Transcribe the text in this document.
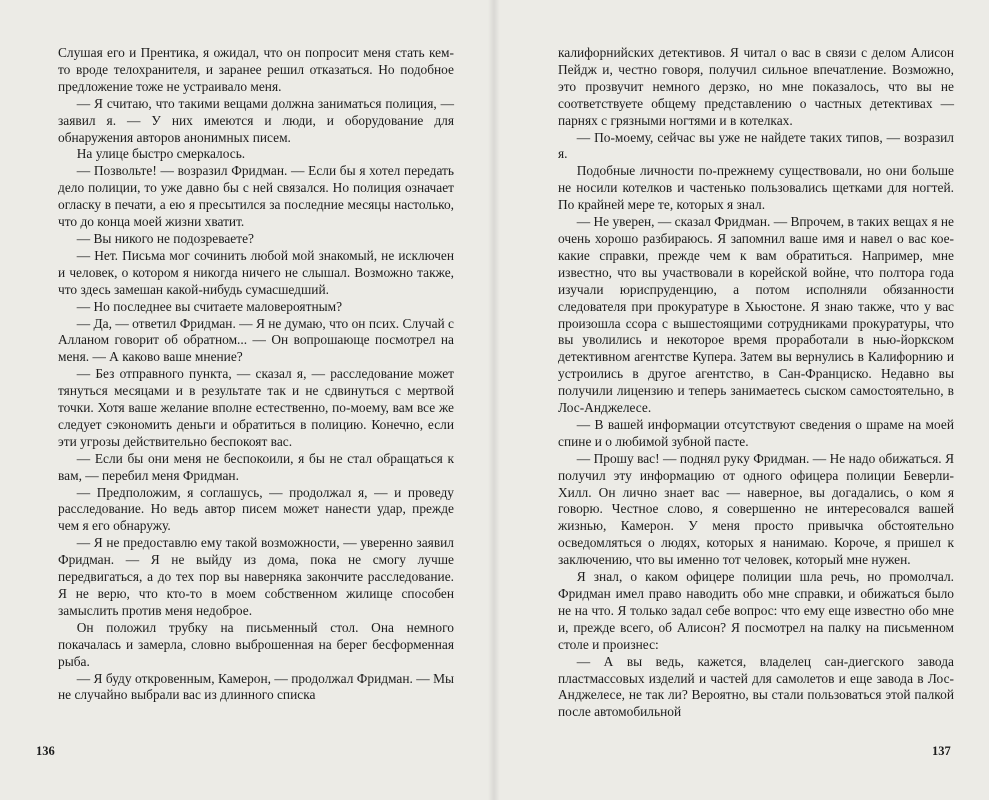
Слушая его и Прентика, я ожидал, что он попросит меня стать кем-то вроде телохранителя, и заранее решил отказаться. Но подобное предложение тоже не устраивало меня.

— Я считаю, что такими вещами должна заниматься полиция, — заявил я. — У них имеются и люди, и оборудование для обнаружения авторов анонимных писем.

На улице быстро смеркалось.

— Позвольте! — возразил Фридман. — Если бы я хотел передать дело полиции, то уже давно бы с ней связался. Но полиция означает огласку в печати, а ею я пресытился за последние месяцы настолько, что до конца моей жизни хватит.

— Вы никого не подозреваете?

— Нет. Письма мог сочинить любой мой знакомый, не исключен и человек, о котором я никогда ничего не слышал. Возможно также, что здесь замешан какой-нибудь сумасшедший.

— Но последнее вы считаете маловероятным?

— Да, — ответил Фридман. — Я не думаю, что он псих. Случай с Алланом говорит об обратном... — Он вопрошающе посмотрел на меня. — А каково ваше мнение?

— Без отправного пункта, — сказал я, — расследование может тянуться месяцами и в результате так и не сдвинуться с мертвой точки. Хотя ваше желание вполне естественно, по-моему, вам все же следует сэкономить деньги и обратиться в полицию. Конечно, если эти угрозы действительно беспокоят вас.

— Если бы они меня не беспокоили, я бы не стал обращаться к вам, — перебил меня Фридман.

— Предположим, я соглашусь, — продолжал я, — и проведу расследование. Но ведь автор писем может нанести удар, прежде чем я его обнаружу.

— Я не предоставлю ему такой возможности, — уверенно заявил Фридман. — Я не выйду из дома, пока не смогу лучше передвигаться, а до тех пор вы наверняка закончите расследование. Я не верю, что кто-то в моем собственном жилище способен замыслить против меня недоброе.

Он положил трубку на письменный стол. Она немного покачалась и замерла, словно выброшенная на берег бесформенная рыба.

— Я буду откровенным, Камерон, — продолжал Фридман. — Мы не случайно выбрали вас из длинного списка

136

калифорнийских детективов. Я читал о вас в связи с делом Алисон Пейдж и, честно говоря, получил сильное впечатление. Возможно, это прозвучит немного дерзко, но мне показалось, что вы не соответствуете общему представлению о частных детективах — парнях с грязными ногтями и в котелках.

— По-моему, сейчас вы уже не найдете таких типов, — возразил я.

Подобные личности по-прежнему существовали, но они больше не носили котелков и частенько пользовались щетками для ногтей. По крайней мере те, которых я знал.

— Не уверен, — сказал Фридман. — Впрочем, в таких вещах я не очень хорошо разбираюсь. Я запомнил ваше имя и навел о вас кое-какие справки, прежде чем к вам обратиться. Например, мне известно, что вы участвовали в корейской войне, что полтора года изучали юриспруденцию, а потом исполняли обязанности следователя при прокуратуре в Хьюстоне. Я знаю также, что у вас произошла ссора с вышестоящими сотрудниками прокуратуры, что вы уволились и некоторое время проработали в нью-йоркском детективном агентстве Купера. Затем вы вернулись в Калифорнию и устроились в другое агентство, в Сан-Франциско. Недавно вы получили лицензию и теперь занимаетесь сыском самостоятельно, в Лос-Анджелесе.

— В вашей информации отсутствуют сведения о шраме на моей спине и о любимой зубной пасте.

— Прошу вас! — поднял руку Фридман. — Не надо обижаться. Я получил эту информацию от одного офицера полиции Беверли-Хилл. Он лично знает вас — наверное, вы догадались, о ком я говорю. Честное слово, я совершенно не интересовался вашей жизнью, Камерон. У меня просто привычка обстоятельно осведомляться о людях, которых я нанимаю. Короче, я пришел к заключению, что вы именно тот человек, который мне нужен.

Я знал, о каком офицере полиции шла речь, но промолчал. Фридман имел право наводить обо мне справки, и обижаться было не на что. Я только задал себе вопрос: что ему еще известно обо мне и, прежде всего, об Алисон? Я посмотрел на палку на письменном столе и произнес:

— А вы ведь, кажется, владелец сан-диегского завода пластмассовых изделий и частей для самолетов и еще завода в Лос-Анджелесе, не так ли? Вероятно, вы стали пользоваться этой палкой после автомобильной

137
